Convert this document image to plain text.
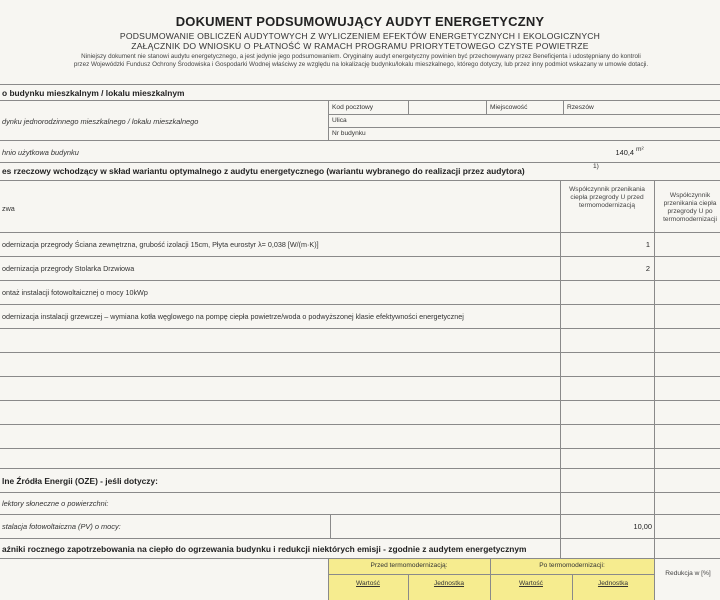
DOKUMENT PODSUMOWUJĄCY AUDYT ENERGETYCZNY
PODSUMOWANIE OBLICZEŃ AUDYTOWYCH Z WYLICZENIEM EFEKTÓW ENERGETYCZNYCH I EKOLOGICZNYCH
ZAŁĄCZNIK DO WNIOSKU O PŁATNOŚĆ W RAMACH PROGRAMU PRIORYTETOWEGO CZYSTE POWIETRZE
Niniejszy dokument nie stanowi audytu energetycznego, a jest jedynie jego podsumowaniem. Oryginalny audyt energetyczny powinien być przechowywany przez Beneficjenta i udostępniany do kontroli
przez Wojewódzki Fundusz Ochrony Środowiska i Gospodarki Wodnej właściwy ze względu na lokalizację budynku/lokalu mieszkalnego, którego dotyczy, lub przez inny podmiot wskazany w umowie dotacji.
o budynku mieszkalnym / lokalu mieszkalnym
Kod pocztowy	Miejscowość	Rzeszów
Ulica
Nr budynku
dynku jednorodzinnego mieszkalnego / lokalu mieszkalnego
hnio użytkowa budynku	140,4 m²
es rzeczowy wchodzący w skład wariantu optymalnego z audytu energetycznego (wariantu wybranego do realizacji przez audytora)	1)
zwa
Współczynnik przenikania ciepła przegrody U przed termomodernizacją
Współczynnik przenikania ciepła przegrody U po termomodernizacji
odernizacja przegrody Ściana zewnętrzna, grubość izolacji 15cm, Płyta eurostyr λ= 0,038 [W/(m·K)]	1
odernizacja przegrody Stolarka Drzwiowa	2
ontaż instalacji fotowoltaicznej o mocy 10kWp
odernizacja instalacji grzewczej – wymiana kotła węglowego na pompę ciepła powietrze/woda o podwyższonej klasie efektywności energetycznej
lne Źródła Energii (OZE) - jeśli dotyczy:
lektory słoneczne o powierzchni:
stalacja fotowoltaiczna (PV) o mocy:	10,00
aźniki rocznego zapotrzebowania na ciepło do ogrzewania budynku i redukcji niektórych emisji - zgodnie z audytem energetycznym
Przed termomodernizacją:	Po termomodernizacji:
Wartość	Jednostka	Wartość	Jednostka
Redukcja w [%]
